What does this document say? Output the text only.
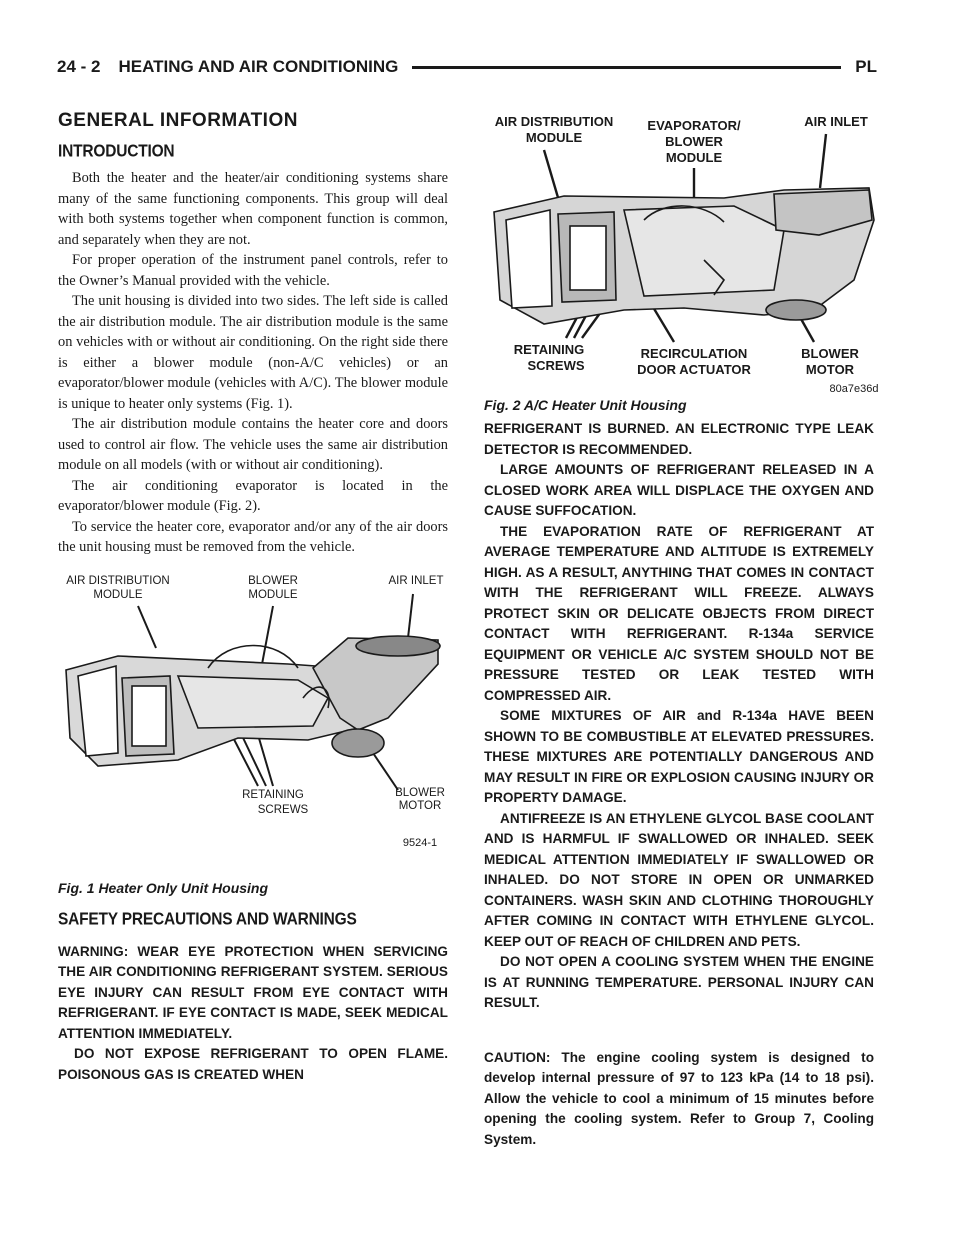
24 - 2 HEATING AND AIR CONDITIONING	PL
GENERAL INFORMATION
INTRODUCTION

Both the heater and the heater/air conditioning systems share many of the same functioning components. This group will deal with both systems together when component function is common, and separately when they are not.

For proper operation of the instrument panel controls, refer to the Owner’s Manual provided with the vehicle.

The unit housing is divided into two sides. The left side is called the air distribution module. The air distribution module is the same on vehicles with or without air conditioning. On the right side there is either a blower module (non-A/C vehicles) or an evaporator/blower module (vehicles with A/C). The blower module is unique to heater only systems (Fig. 1).

The air distribution module contains the heater core and doors used to control air flow. The vehicle uses the same air distribution module on all models (with or without air conditioning).

The air conditioning evaporator is located in the evaporator/blower module (Fig. 2).

To service the heater core, evaporator and/or any of the air doors the unit housing must be removed from the vehicle.

AIR DISTRIBUTION
MODULE
BLOWER
MODULE
AIR INLET
RETAINING
SCREWS
BLOWER
MOTOR
9524-1

Fig. 1 Heater Only Unit Housing

SAFETY PRECAUTIONS AND WARNINGS

WARNING: WEAR EYE PROTECTION WHEN SERVICING THE AIR CONDITIONING REFRIGERANT SYSTEM. SERIOUS EYE INJURY CAN RESULT FROM EYE CONTACT WITH REFRIGERANT. IF EYE CONTACT IS MADE, SEEK MEDICAL ATTENTION IMMEDIATELY.

DO NOT EXPOSE REFRIGERANT TO OPEN FLAME. POISONOUS GAS IS CREATED WHEN

AIR DISTRIBUTION
MODULE
EVAPORATOR/
BLOWER
MODULE
AIR INLET
RETAINING
SCREWS
RECIRCULATION
DOOR ACTUATOR
BLOWER
MOTOR
80a7e36d

Fig. 2 A/C Heater Unit Housing

REFRIGERANT IS BURNED. AN ELECTRONIC TYPE LEAK DETECTOR IS RECOMMENDED.

LARGE AMOUNTS OF REFRIGERANT RELEASED IN A CLOSED WORK AREA WILL DISPLACE THE OXYGEN AND CAUSE SUFFOCATION.

THE EVAPORATION RATE OF REFRIGERANT AT AVERAGE TEMPERATURE AND ALTITUDE IS EXTREMELY HIGH. AS A RESULT, ANYTHING THAT COMES IN CONTACT WITH THE REFRIGERANT WILL FREEZE. ALWAYS PROTECT SKIN OR DELICATE OBJECTS FROM DIRECT CONTACT WITH REFRIGERANT. R-134a SERVICE EQUIPMENT OR VEHICLE A/C SYSTEM SHOULD NOT BE PRESSURE TESTED OR LEAK TESTED WITH COMPRESSED AIR.

SOME MIXTURES OF AIR and R-134a HAVE BEEN SHOWN TO BE COMBUSTIBLE AT ELEVATED PRESSURES. THESE MIXTURES ARE POTENTIALLY DANGEROUS AND MAY RESULT IN FIRE OR EXPLOSION CAUSING INJURY OR PROPERTY DAMAGE.

ANTIFREEZE IS AN ETHYLENE GLYCOL BASE COOLANT AND IS HARMFUL IF SWALLOWED OR INHALED. SEEK MEDICAL ATTENTION IMMEDIATELY IF SWALLOWED OR INHALED. DO NOT STORE IN OPEN OR UNMARKED CONTAINERS. WASH SKIN AND CLOTHING THOROUGHLY AFTER COMING IN CONTACT WITH ETHYLENE GLYCOL. KEEP OUT OF REACH OF CHILDREN AND PETS.

DO NOT OPEN A COOLING SYSTEM WHEN THE ENGINE IS AT RUNNING TEMPERATURE. PERSONAL INJURY CAN RESULT.

CAUTION: The engine cooling system is designed to develop internal pressure of 97 to 123 kPa (14 to 18 psi). Allow the vehicle to cool a minimum of 15 minutes before opening the cooling system. Refer to Group 7, Cooling System.
